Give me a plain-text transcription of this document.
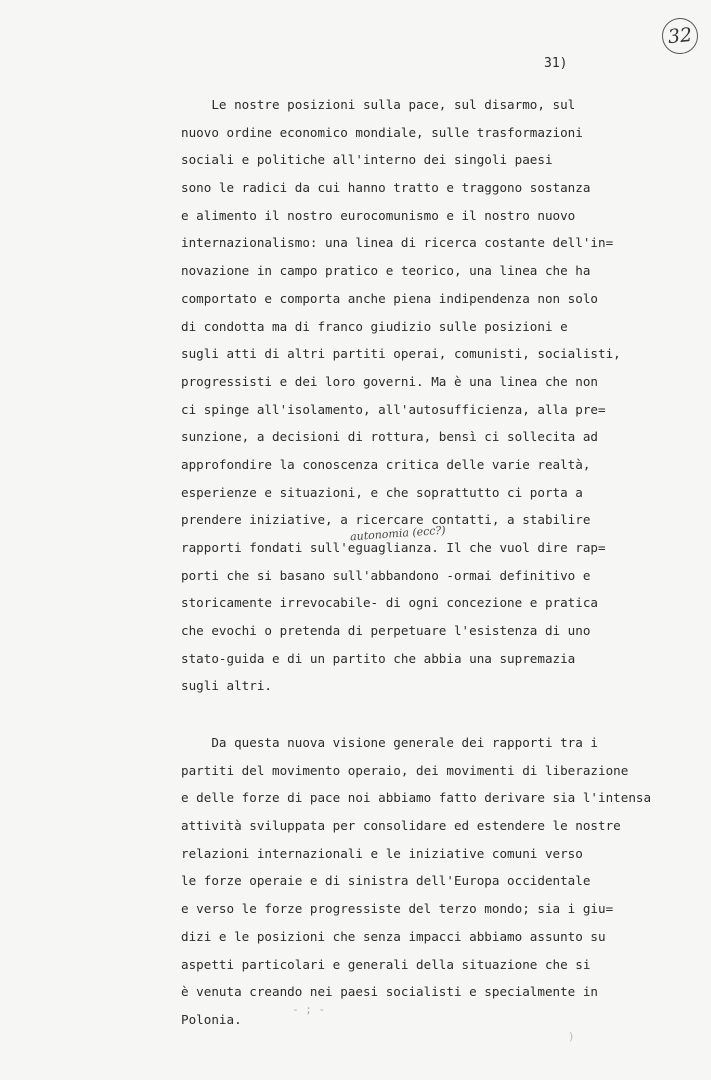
32
31)
Le nostre posizioni sulla pace, sul disarmo, sul
nuovo ordine economico mondiale, sulle trasformazioni
sociali e politiche all'interno dei singoli paesi
sono le radici da cui hanno tratto e traggono sostanza
e alimento il nostro eurocomunismo e il nostro nuovo
internazionalismo: una linea di ricerca costante dell'in=
novazione in campo pratico e teorico, una linea che ha
comportato e comporta anche piena indipendenza non solo
di condotta ma di franco giudizio sulle posizioni e
sugli atti di altri partiti operai, comunisti, socialisti,
progressisti e dei loro governi. Ma è una linea che non
ci spinge all'isolamento, all'autosufficienza, alla pre=
sunzione, a decisioni di rottura, bensì ci sollecita ad
approfondire la conoscenza critica delle varie realtà,
esperienze e situazioni, e che soprattutto ci porta a
prendere iniziative, a ricercare contatti, a stabilire
rapporti fondati sull'eguaglianza. Il che vuol dire rap=
porti che si basano sull'abbandono -ormai definitivo e
storicamente irrevocabile- di ogni concezione e pratica
che evochi o pretenda di perpetuare l'esistenza di uno
stato-guida e di un partito che abbia una supremazia
sugli altri.
autonomia (ecc?)
Da questa nuova visione generale dei rapporti tra i
partiti del movimento operaio, dei movimenti di liberazione
e delle forze di pace noi abbiamo fatto derivare sia l'intensa
attività sviluppata per consolidare ed estendere le nostre
relazioni internazionali e le iniziative comuni verso
le forze operaie e di sinistra dell'Europa occidentale
e verso le forze progressiste del terzo mondo; sia i giu=
dizi e le posizioni che senza impacci abbiamo assunto su
aspetti particolari e generali della situazione che si
è venuta creando nei paesi socialisti e specialmente in
Polonia.
- ; -
)
